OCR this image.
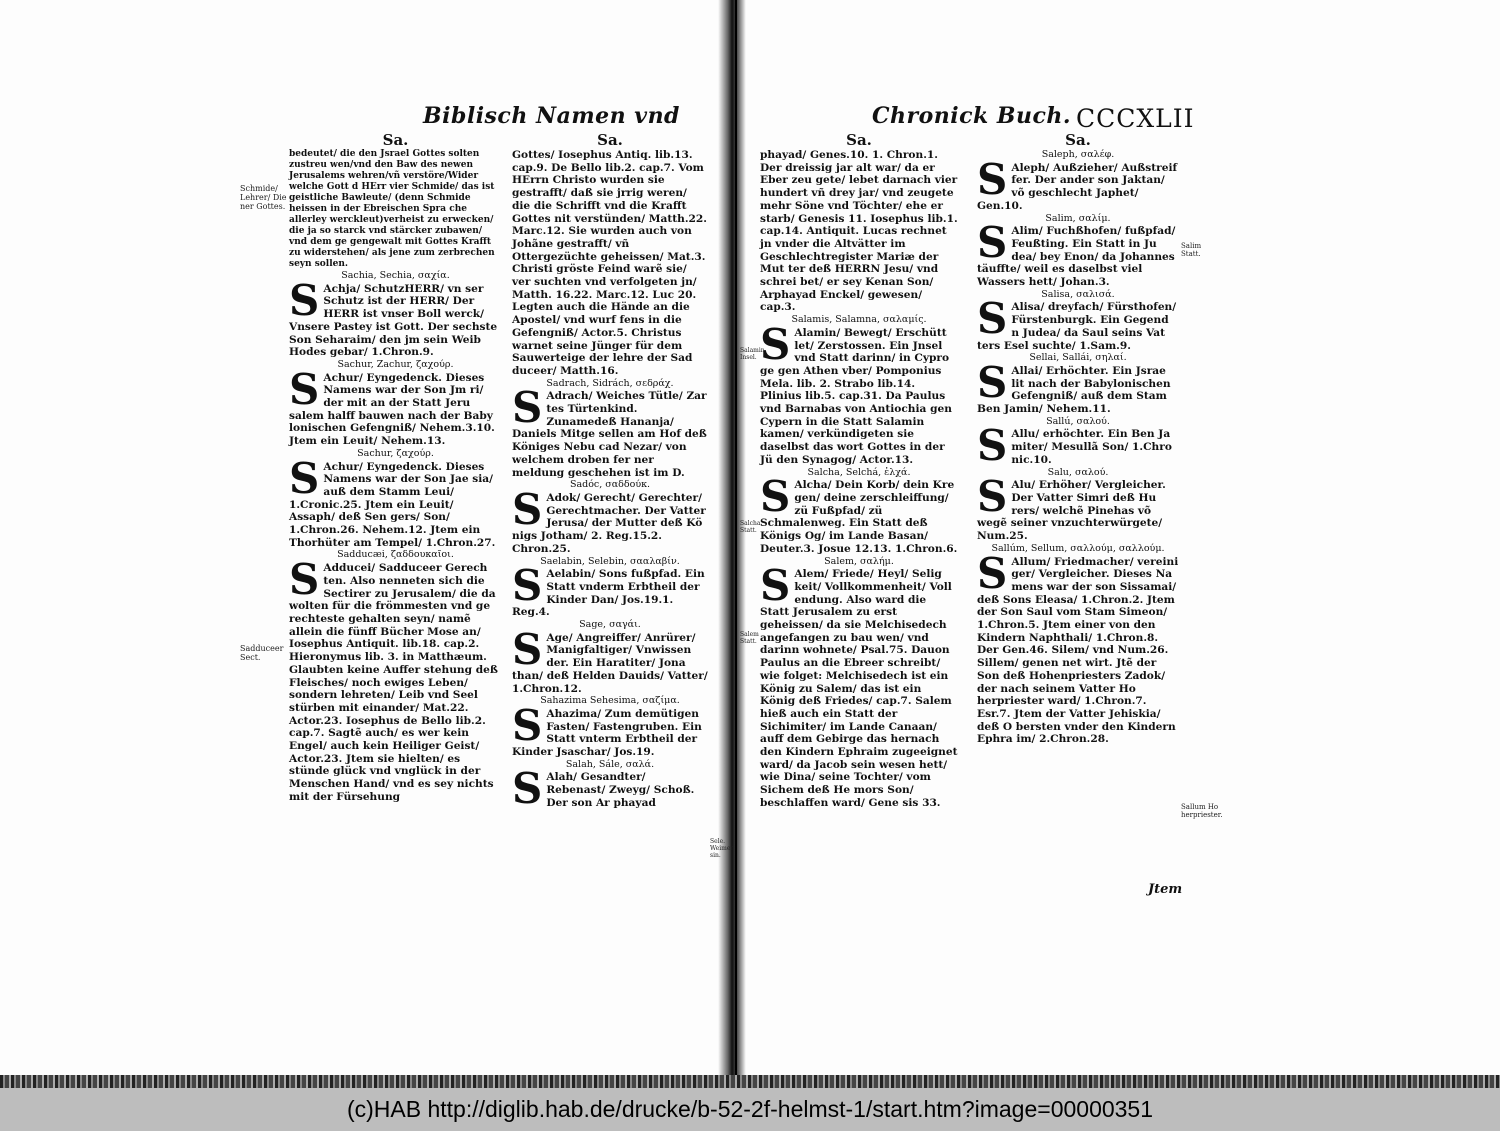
Biblisch Namen vnd	Chronick Buch. CCCXLII
Schmide/ Lehrer/ Die ner Gottes.
Sadduceer Sect.
Sele. Weimer sin.
Salamin Insel.
Salcha Statt.
Salem Statt.
Salim Statt.
Sallum Ho herpriester.

Sa.

bedeutet/ die den Jsrael Gottes solten zustreu wen/vnd den Baw des newen Jerusalems wehren/vñ verstöre/Wider welche Gott d HErr vier Schmide/ das ist geistliche Bawleute/ (denn Schmide heissen in der Ebreischen Spra che allerley werckleut)verheist zu erwecken/ die ja so starck vnd stärcker zubawen/ vnd dem ge gengewalt mit Gottes Krafft zu widerstehen/ als jene zum zerbrechen seyn sollen.

Sachia, Sechia, σαχία.

S Achja/ SchutzHERR/ vn ser Schutz ist der HERR/ Der HERR ist vnser Boll werck/ Vnsere Pastey ist Gott. Der sechste Son Seharaim/ den jm sein Weib Hodes gebar/ 1.Chron.9.

Sachur, Zachur, ζαχούρ.

S Achur/ Eyngedenck. Dieses Namens war der Son Jm ri/ der mit an der Statt Jeru salem halff bauwen nach der Baby lonischen Gefengniß/ Nehem.3.10. Jtem ein Leuit/ Nehem.13.

Sachur, ζαχούρ.

S Achur/ Eyngedenck. Dieses Namens war der Son Jae sia/ auß dem Stamm Leui/ 1.Cronic.25. Jtem ein Leuit/ Assaph/ deß Sen gers/ Son/ 1.Chron.26. Nehem.12. Jtem ein Thorhüter am Tempel/ 1.Chron.27.

Sadducæi, ζαδδουκαῖοι.

S Adducei/ Sadduceer Gerech ten. Also nenneten sich die Sectirer zu Jerusalem/ die da wolten für die frömmesten vnd ge rechteste gehalten seyn/ namẽ allein die fünff Bücher Mose an/ Iosephus Antiquit. lib.18. cap.2. Hieronymus lib. 3. in Matthæum. Glaubten keine Auffer stehung deß Fleisches/ noch ewiges Leben/ sondern lehreten/ Leib vnd Seel stürben mit einander/ Mat.22. Actor.23. Iosephus de Bello lib.2. cap.7. Sagtẽ auch/ es wer kein Engel/ auch kein Heiliger Geist/ Actor.23. Jtem sie hielten/ es stünde glück vnd vnglück in der Menschen Hand/ vnd es sey nichts mit der Fürsehung

Sa.

Gottes/ Iosephus Antiq. lib.13. cap.9. De Bello lib.2. cap.7. Vom HErrn Christo wurden sie gestrafft/ daß sie jrrig weren/ die die Schrifft vnd die Krafft Gottes nit verstünden/ Matth.22. Marc.12. Sie wurden auch von Johãne gestrafft/ vñ Ottergezüchte geheissen/ Mat.3. Christi gröste Feind warẽ sie/ ver suchten vnd verfolgeten jn/ Matth. 16.22. Marc.12. Luc 20. Legten auch die Hände an die Apostel/ vnd wurf fens in die Gefengniß/ Actor.5. Christus warnet seine Jünger für dem Sauwerteige der lehre der Sad duceer/ Matth.16.

Sadrach, Sidrách, σεδράχ.

S Adrach/ Weiches Tütle/ Zar tes Türtenkind. Zunamedeß Hananja/ Daniels Mitge sellen am Hof deß Königes Nebu cad Nezar/ von welchem droben fer ner meldung geschehen ist im D.

Sadóc, σαδδούκ.

S Adok/ Gerecht/ Gerechter/ Gerechtmacher. Der Vatter Jerusa/ der Mutter deß Kö nigs Jotham/ 2. Reg.15.2. Chron.25.

Saelabin, Selebin, σααλαβίν.

S Aelabin/ Sons fußpfad. Ein Statt vnderm Erbtheil der Kinder Dan/ Jos.19.1. Reg.4.

Sage, σαγάι.

S Age/ Angreiffer/ Anrürer/ Manigfaltiger/ Vnwissen der. Ein Haratiter/ Jona than/ deß Helden Dauids/ Vatter/ 1.Chron.12.

Sahazima Sehesima, σαζίμα.

S Ahazima/ Zum demütigen Fasten/ Fastengruben. Ein Statt vnterm Erbtheil der Kinder Jsaschar/ Jos.19.

Salah, Sále, σαλά.

S Alah/ Gesandter/ Rebenast/ Zweyg/ Schoß. Der son Ar phayad

Sa.

phayad/ Genes.10. 1. Chron.1. Der dreissig jar alt war/ da er Eber zeu gete/ lebet darnach vier hundert vñ drey jar/ vnd zeugete mehr Söne vnd Töchter/ ehe er starb/ Genesis 11. Iosephus lib.1. cap.14. Antiquit. Lucas rechnet jn vnder die Altvätter im Geschlechtregister Mariæ der Mut ter deß HERRN Jesu/ vnd schrei bet/ er sey Kenan Son/ Arphayad Enckel/ gewesen/ cap.3.

Salamis, Salamna, σαλαμίς.

S Alamin/ Bewegt/ Erschütt let/ Zerstossen. Ein Jnsel vnd Statt darinn/ in Cypro ge gen Athen vber/ Pomponius Mela. lib. 2. Strabo lib.14. Plinius lib.5. cap.31. Da Paulus vnd Barnabas von Antiochia gen Cypern in die Statt Salamin kamen/ verkündigeten sie daselbst das wort Gottes in der Jü den Synagog/ Actor.13.

Salcha, Selchá, ἐλχά.

S Alcha/ Dein Korb/ dein Kre gen/ deine zerschleiffung/ zü Fußpfad/ zü Schmalenweg. Ein Statt deß Königs Og/ im Lande Basan/ Deuter.3. Josue 12.13. 1.Chron.6.

Salem, σαλήμ.

S Alem/ Friede/ Heyl/ Selig keit/ Vollkommenheit/ Voll endung. Also ward die Statt Jerusalem zu erst geheissen/ da sie Melchisedech angefangen zu bau wen/ vnd darinn wohnete/ Psal.75. Dauon Paulus an die Ebreer schreibt/ wie folget: Melchisedech ist ein König zu Salem/ das ist ein König deß Friedes/ cap.7. Salem hieß auch ein Statt der Sichimiter/ im Lande Canaan/ auff dem Gebirge das hernach den Kindern Ephraim zugeeignet ward/ da Jacob sein wesen hett/ wie Dina/ seine Tochter/ vom Sichem deß He mors Son/ beschlaffen ward/ Gene sis 33.

Sa.

Saleph, σαλέφ.

S Aleph/ Außzieher/ Außstreif fer. Der ander son Jaktan/ võ geschlecht Japhet/ Gen.10.

Salim, σαλίμ.

S Alim/ Fuchßhofen/ fußpfad/ Feußting. Ein Statt in Ju dea/ bey Enon/ da Johannes täuffte/ weil es daselbst viel Wassers hett/ Johan.3.

Salisa, σαλισά.

S Alisa/ dreyfach/ Fürsthofen/ Fürstenburgk. Ein Gegend n Judea/ da Saul seins Vat ters Esel suchte/ 1.Sam.9.

Sellai, Sallái, σηλαί.

S Allai/ Erhöchter. Ein Jsrae lit nach der Babylonischen Gefengniß/ auß dem Stam Ben Jamin/ Nehem.11.

Sallú, σαλού.

S Allu/ erhöchter. Ein Ben Ja miter/ Mesullã Son/ 1.Chro nic.10.

Salu, σαλού.

S Alu/ Erhöher/ Vergleicher. Der Vatter Simri deß Hu rers/ welchẽ Pinehas võ wegẽ seiner vnzuchterwürgete/ Num.25.

Sallúm, Sellum, σαλλούμ, σαλλούμ.

S Allum/ Friedmacher/ vereini ger/ Vergleicher. Dieses Na mens war der son Sissamai/ deß Sons Eleasa/ 1.Chron.2. Jtem der Son Saul vom Stam Simeon/ 1.Chron.5. Jtem einer von den Kindern Naphthali/ 1.Chron.8. Der Gen.46. Silem/ vnd Num.26. Sillem/ genen net wirt. Jtẽ der Son deß Hohenpriesters Zadok/ der nach seinem Vatter Ho herpriester ward/ 1.Chron.7. Esr.7. Jtem der Vatter Jehiskia/ deß O bersten vnder den Kindern Ephra im/ 2.Chron.28.
Jtem
(c)HAB http://diglib.hab.de/drucke/b-52-2f-helmst-1/start.htm?image=00000351
